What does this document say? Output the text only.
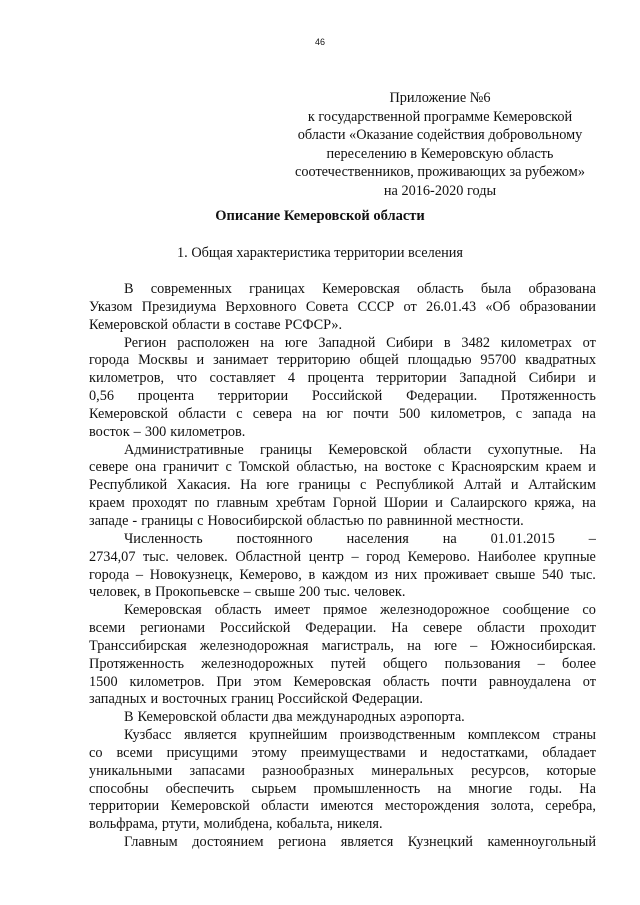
46
Приложение №6
к государственной программе Кемеровской
области «Оказание содействия добровольному
переселению в Кемеровскую область
соотечественников, проживающих за рубежом»
на 2016-2020 годы
Описание Кемеровской области
1. Общая характеристика территории вселения
В современных границах Кемеровская область была образована
Указом Президиума Верховного Совета СССР от 26.01.43 «Об образовании
Кемеровской области в составе РСФСР».
Регион расположен на юге Западной Сибири в 3482 километрах от
города Москвы и занимает территорию общей площадью 95700 квадратных
километров, что составляет 4 процента территории Западной Сибири и
0,56 процента территории Российской Федерации. Протяженность
Кемеровской области с севера на юг почти 500 километров, с запада на
восток – 300 километров.
Административные границы Кемеровской области сухопутные. На
севере она граничит с Томской областью, на востоке с Красноярским краем и
Республикой Хакасия. На юге границы с Республикой Алтай и Алтайским
краем проходят по главным хребтам Горной Шории и Салаирского кряжа, на
западе - границы с Новосибирской областью по равнинной местности.
Численность постоянного населения на 01.01.2015 –
2734,07 тыс. человек. Областной центр – город Кемерово. Наиболее крупные
города – Новокузнецк, Кемерово, в каждом из них проживает свыше 540 тыс.
человек, в Прокопьевске – свыше 200 тыс. человек.
Кемеровская область имеет прямое железнодорожное сообщение со
всеми регионами Российской Федерации. На севере области проходит
Транссибирская железнодорожная магистраль, на юге – Южносибирская.
Протяженность железнодорожных путей общего пользования – более
1500 километров. При этом Кемеровская область почти равноудалена от
западных и восточных границ Российской Федерации.
В Кемеровской области два международных аэропорта.
Кузбасс является крупнейшим производственным комплексом страны
со всеми присущими этому преимуществами и недостатками, обладает
уникальными запасами разнообразных минеральных ресурсов, которые
способны обеспечить сырьем промышленность на многие годы. На
территории Кемеровской области имеются месторождения золота, серебра,
вольфрама, ртути, молибдена, кобальта, никеля.
Главным достоянием региона является Кузнецкий каменноугольный
